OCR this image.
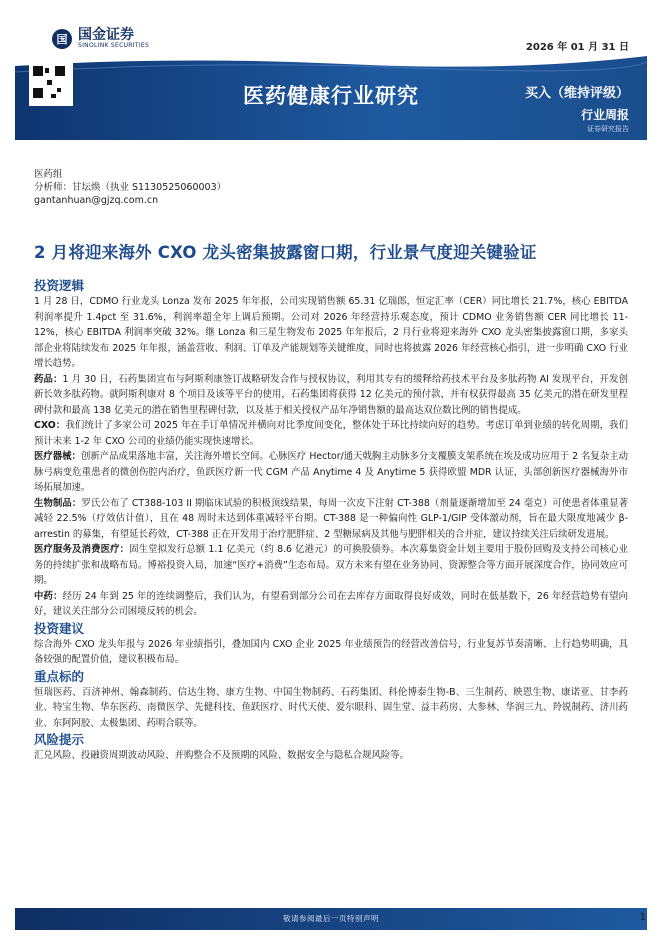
国 国金证券
SINOLINK SECURITIES	2026 年 01 月 31 日
医药健康行业研究	买入（维持评级）
行业周报
证券研究报告
医药组
分析师：甘坛焕（执业 S1130525060003）
gantanhuan@gjzq.com.cn
2 月将迎来海外 CXO 龙头密集披露窗口期，行业景气度迎关键验证
投资逻辑

1 月 28 日，CDMO 行业龙头 Lonza 发布 2025 年年报，公司实现销售额 65.31 亿瑞郎，恒定汇率（CER）同比增长 21.7%，核心 EBITDA 利润率提升 1.4pct 至 31.6%，利润率超全年上调后预期。公司对 2026 年经营持乐观态度，预计 CDMO 业务销售额 CER 同比增长 11-12%，核心 EBITDA 利润率突破 32%。继 Lonza 和三星生物发布 2025 年年报后，2 月行业将迎来海外 CXO 龙头密集披露窗口期，多家头部企业将陆续发布 2025 年年报，涵盖营收、利润、订单及产能规划等关键维度，同时也将披露 2026 年经营核心指引，进一步明确 CXO 行业增长趋势。

药品：1 月 30 日，石药集团宣布与阿斯利康签订战略研发合作与授权协议，利用其专有的缓释给药技术平台及多肽药物 AI 发现平台，开发创新长效多肽药物。就阿斯利康对 8 个项目及该等平台的使用，石药集团将获得 12 亿美元的预付款，并有权获得最高 35 亿美元的潜在研发里程碑付款和最高 138 亿美元的潜在销售里程碑付款，以及基于相关授权产品年净销售额的最高达双位数比例的销售提成。

CXO：我们统计了多家公司 2025 年在手订单情况并横向对比季度间变化，整体处于环比持续向好的趋势。考虑订单到业绩的转化周期，我们预计未来 1-2 年 CXO 公司的业绩仍能实现快速增长。

医疗器械：创新产品成果落地丰富，关注海外增长空间。心脉医疗 Hector/通天戟胸主动脉多分支覆膜支架系统在埃及成功应用于 2 名复杂主动脉弓病变危重患者的微创伤腔内治疗，鱼跃医疗新一代 CGM 产品 Anytime 4 及 Anytime 5 获得欧盟 MDR 认证，头部创新医疗器械海外市场拓展加速。

生物制品：罗氏公布了 CT388-103 II 期临床试验的积极顶线结果，每周一次皮下注射 CT-388（剂量逐渐增加至 24 毫克）可使患者体重显著减轻 22.5%（疗效估计值），且在 48 周时未达到体重减轻平台期。CT-388 是一种偏向性 GLP-1/GIP 受体激动剂，旨在最大限度地减少 β-arrestin 的募集，有望延长药效，CT-388 正在开发用于治疗肥胖症、2 型糖尿病及其他与肥胖相关的合并症，建议持续关注后续研发进展。

医疗服务及消费医疗：固生堂拟发行总额 1.1 亿美元（约 8.6 亿港元）的可换股债券。本次募集资金计划主要用于股份回购及支持公司核心业务的持续扩张和战略布局。博裕投资入局，加速“医疗+消费”生态布局。双方未来有望在业务协同、资源整合等方面开展深度合作，协同效应可期。

中药：经历 24 年到 25 年的连续调整后，我们认为，有望看到部分公司在去库存方面取得良好成效，同时在低基数下，26 年经营趋势有望向好，建议关注部分公司困境反转的机会。

投资建议

综合海外 CXO 龙头年报与 2026 年业绩指引，叠加国内 CXO 企业 2025 年业绩预告的经营改善信号，行业复苏节奏清晰、上行趋势明确，具备较强的配置价值，建议积极布局。

重点标的

恒瑞医药、百济神州、翰森制药、信达生物、康方生物、中国生物制药、石药集团、科伦博泰生物-B、三生制药、映恩生物、康诺亚、甘李药业、特宝生物、华东医药、南微医学、先健科技、鱼跃医疗、时代天使、爱尔眼科、固生堂、益丰药房、大参林、华润三九、羚锐制药、济川药业、东阿阿胶、太极集团、药明合联等。

风险提示

汇兑风险、投融资周期波动风险、并购整合不及预期的风险、数据安全与隐私合规风险等。

敬请参阅最后一页特别声明	1
